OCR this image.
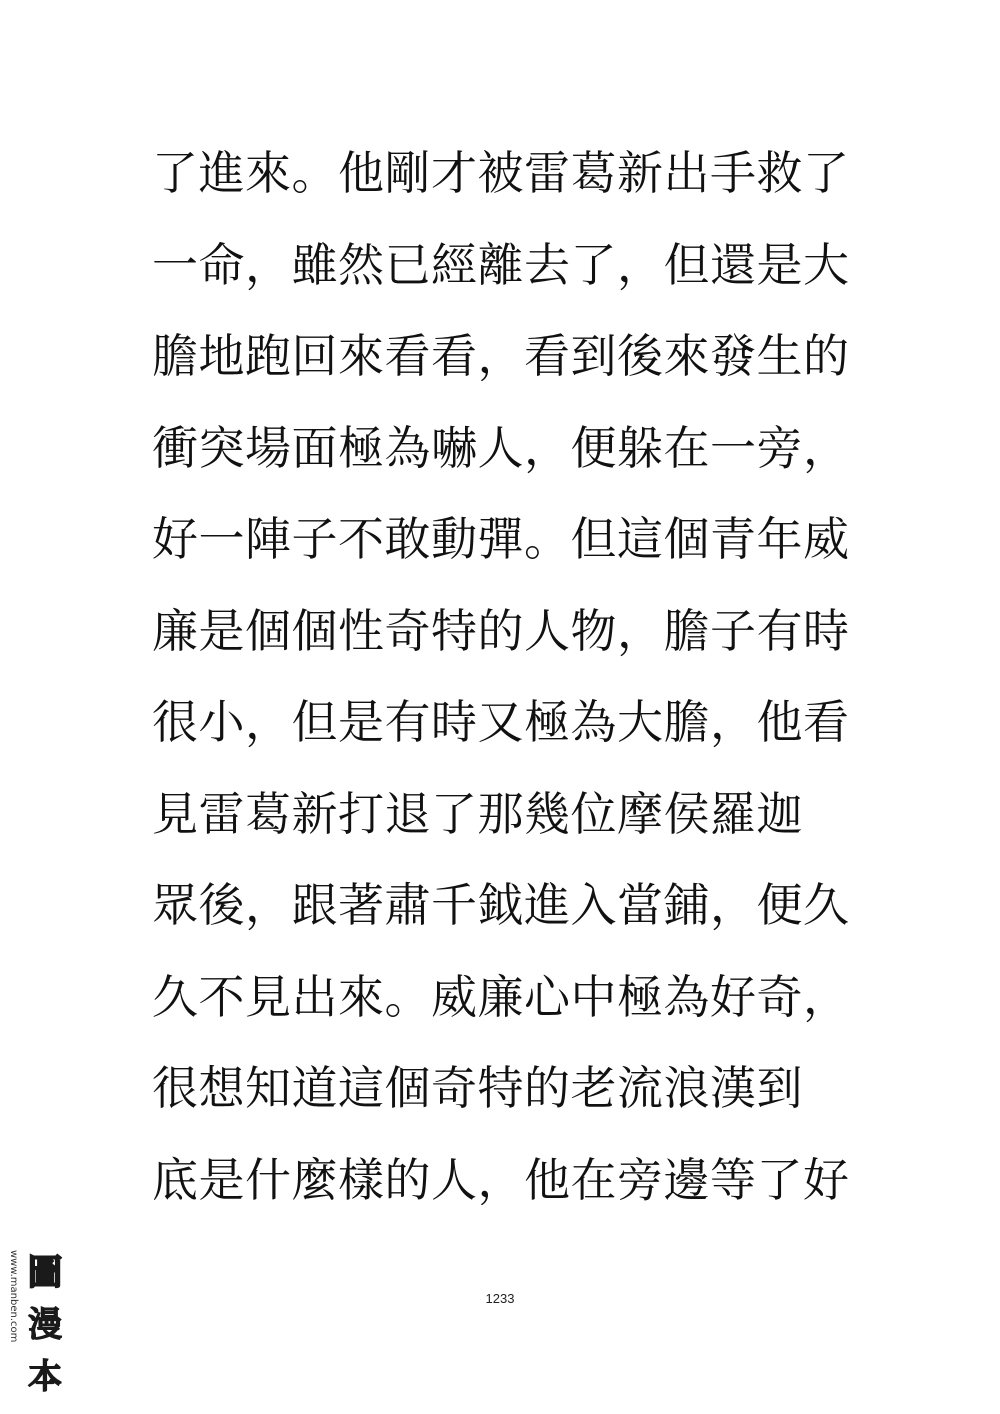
了進來。他剛才被雷葛新出手救了
一命，雖然已經離去了，但還是大
膽地跑回來看看，看到後來發生的
衝突場面極為嚇人，便躲在一旁，
好一陣子不敢動彈。但這個青年威
廉是個個性奇特的人物，膽子有時
很小，但是有時又極為大膽，他看
見雷葛新打退了那幾位摩侯羅迦
眾後，跟著肅千鉞進入當鋪，便久
久不見出來。威廉心中極為好奇，
很想知道這個奇特的老流浪漢到
底是什麼樣的人，他在旁邊等了好
1233
www.manben.com 圖
漫
本
